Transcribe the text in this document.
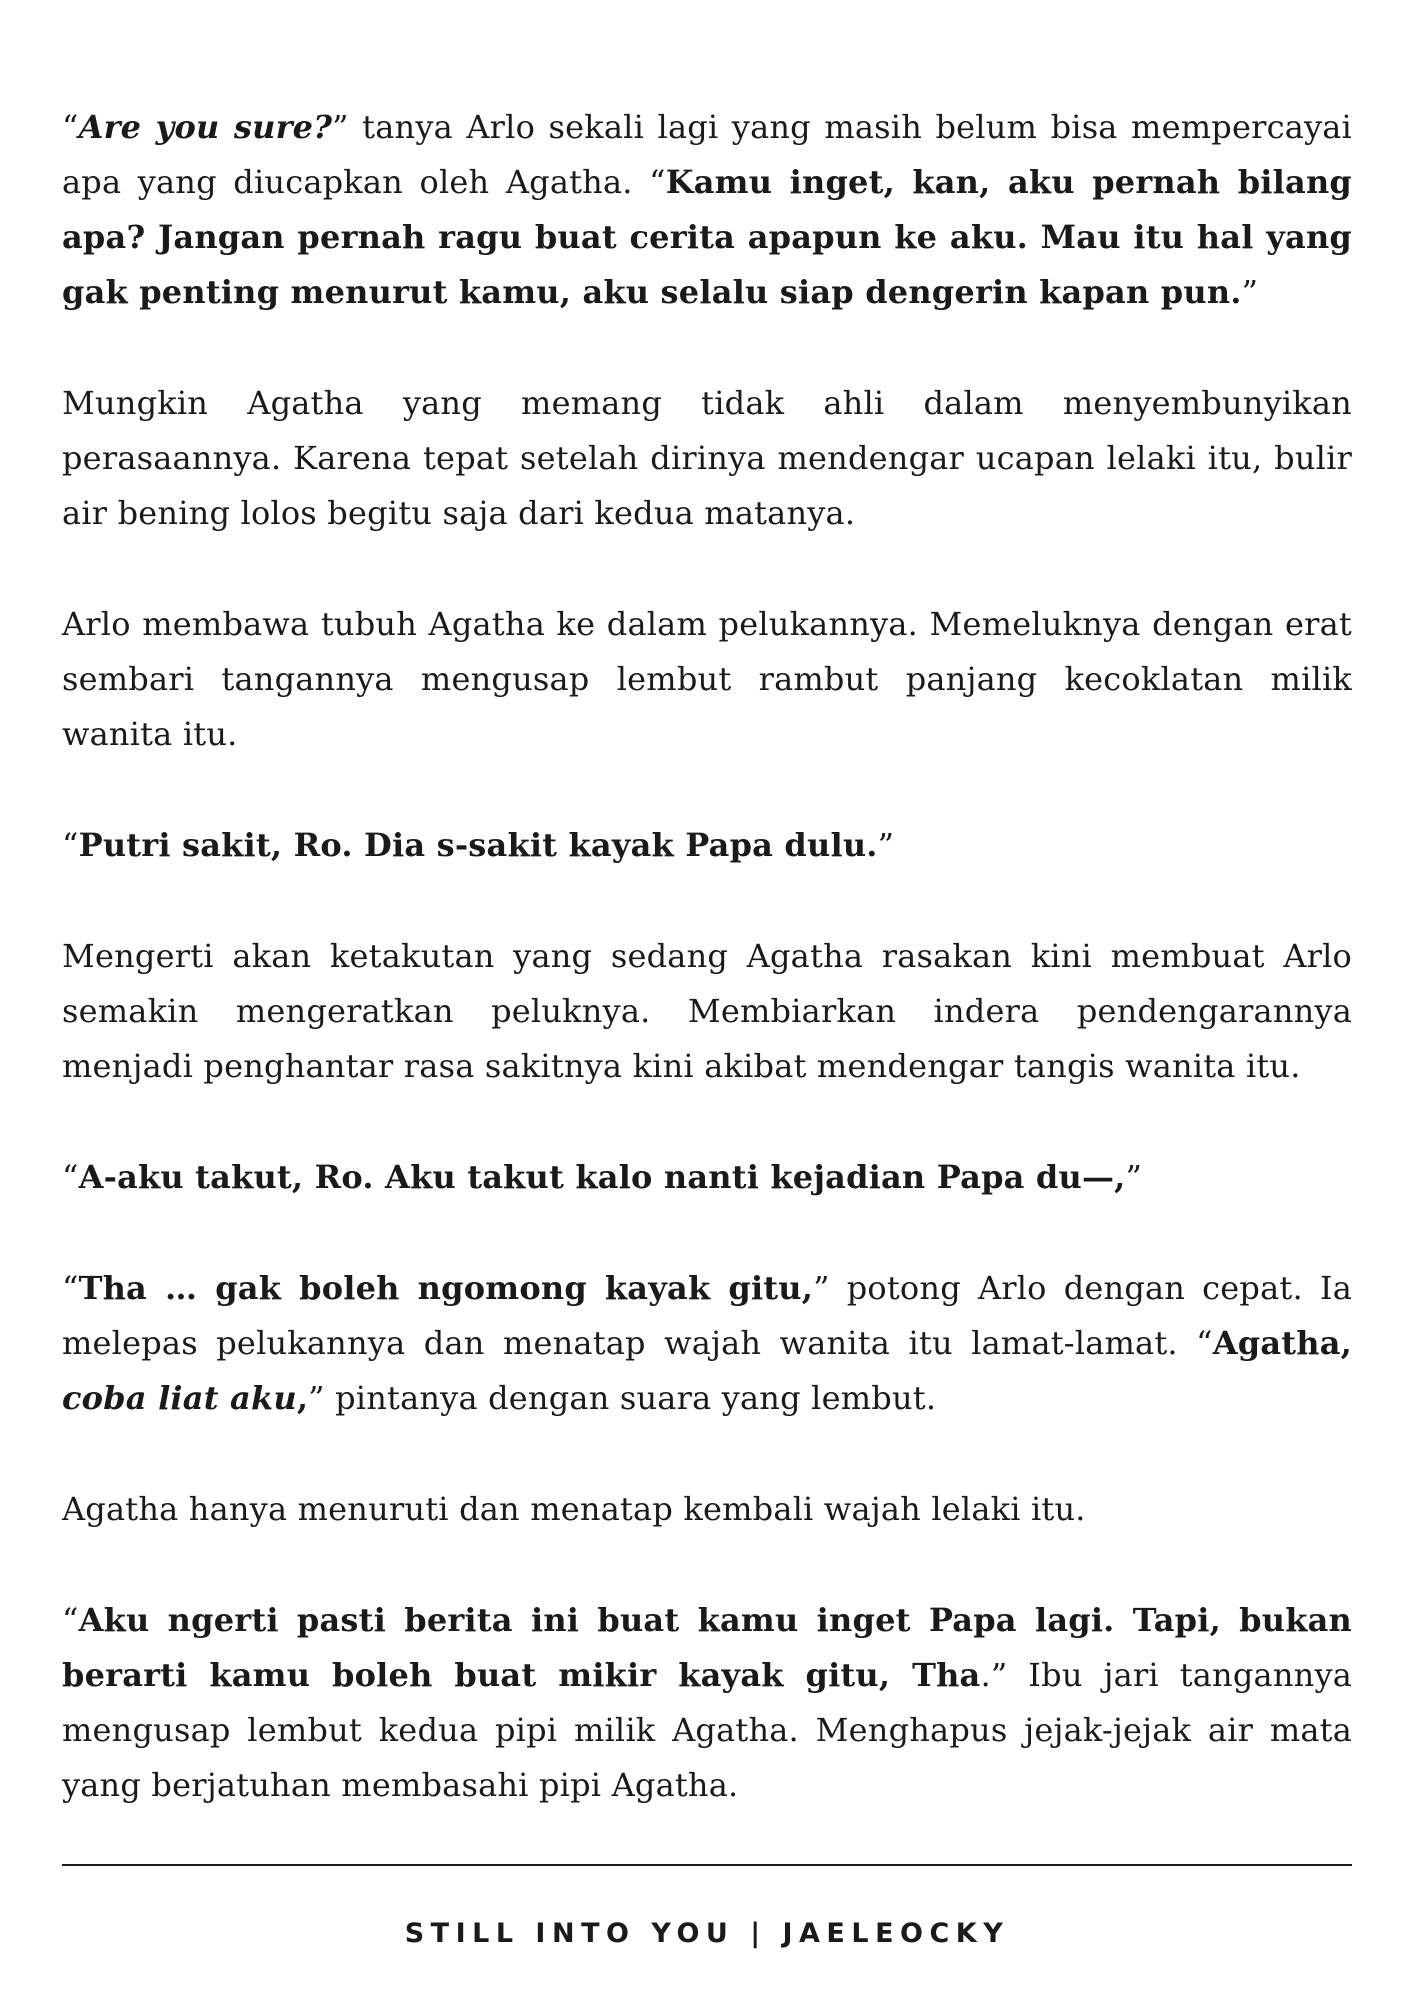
“Are you sure?” tanya Arlo sekali lagi yang masih belum bisa mempercayai apa yang diucapkan oleh Agatha. “Kamu inget, kan, aku pernah bilang apa? Jangan pernah ragu buat cerita apapun ke aku. Mau itu hal yang gak penting menurut kamu, aku selalu siap dengerin kapan pun.”

Mungkin Agatha yang memang tidak ahli dalam menyembunyikan perasaannya. Karena tepat setelah dirinya mendengar ucapan lelaki itu, bulir air bening lolos begitu saja dari kedua matanya.

Arlo membawa tubuh Agatha ke dalam pelukannya. Memeluknya dengan erat sembari tangannya mengusap lembut rambut panjang kecoklatan milik wanita itu.

“Putri sakit, Ro. Dia s-sakit kayak Papa dulu.”

Mengerti akan ketakutan yang sedang Agatha rasakan kini membuat Arlo semakin mengeratkan peluknya. Membiarkan indera pendengarannya menjadi penghantar rasa sakitnya kini akibat mendengar tangis wanita itu.

“A-aku takut, Ro. Aku takut kalo nanti kejadian Papa du—,”

“Tha … gak boleh ngomong kayak gitu,” potong Arlo dengan cepat. Ia melepas pelukannya dan menatap wajah wanita itu lamat-lamat. “Agatha, coba liat aku,” pintanya dengan suara yang lembut.

Agatha hanya menuruti dan menatap kembali wajah lelaki itu.

“Aku ngerti pasti berita ini buat kamu inget Papa lagi. Tapi, bukan berarti kamu boleh buat mikir kayak gitu, Tha.” Ibu jari tangannya mengusap lembut kedua pipi milik Agatha. Menghapus jejak-jejak air mata yang berjatuhan membasahi pipi Agatha.

STILL INTO YOU | JAELEOCKY
